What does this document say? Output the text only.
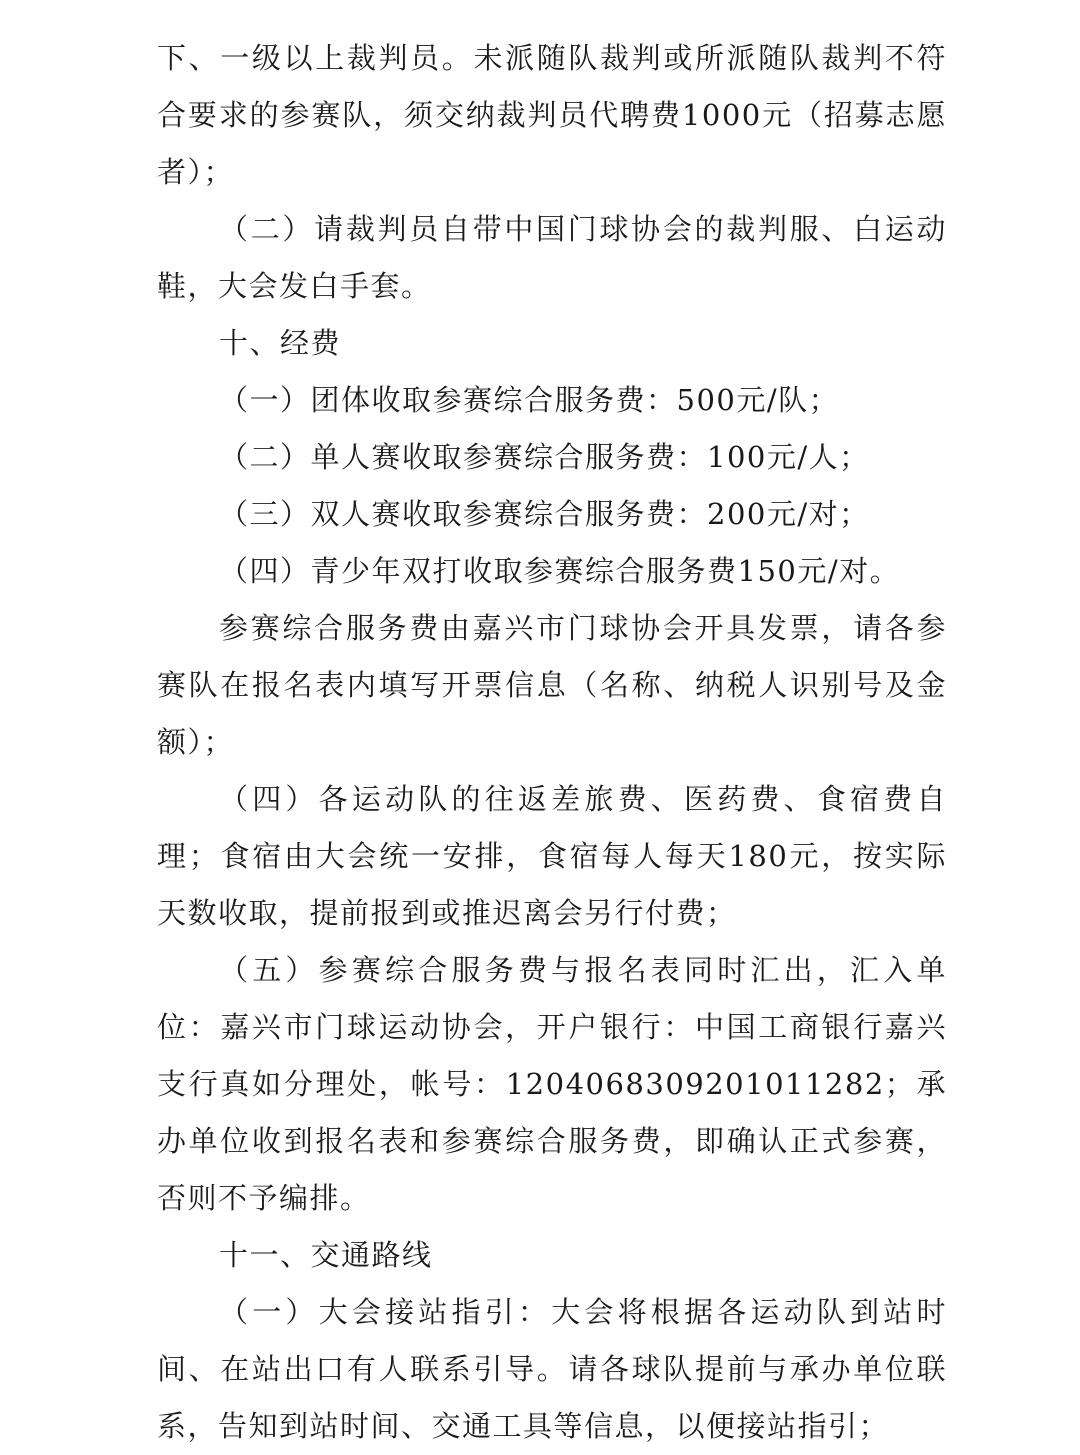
下、一级以上裁判员。未派随队裁判或所派随队裁判不符合要求的参赛队，须交纳裁判员代聘费1000元（招募志愿者）；

（二）请裁判员自带中国门球协会的裁判服、白运动鞋，大会发白手套。

十、经费

（一）团体收取参赛综合服务费：500元/队；

（二）单人赛收取参赛综合服务费：100元/人；

（三）双人赛收取参赛综合服务费：200元/对；

（四）青少年双打收取参赛综合服务费150元/对。

参赛综合服务费由嘉兴市门球协会开具发票，请各参赛队在报名表内填写开票信息（名称、纳税人识别号及金额）；

（四）各运动队的往返差旅费、医药费、食宿费自理；食宿由大会统一安排，食宿每人每天180元，按实际天数收取，提前报到或推迟离会另行付费；

（五）参赛综合服务费与报名表同时汇出，汇入单位：嘉兴市门球运动协会，开户银行：中国工商银行嘉兴支行真如分理处，帐号：1204068309201011282；承办单位收到报名表和参赛综合服务费，即确认正式参赛，否则不予编排。

十一、交通路线

（一）大会接站指引：大会将根据各运动队到站时间、在站出口有人联系引导。请各球队提前与承办单位联系，告知到站时间、交通工具等信息，以便接站指引；
